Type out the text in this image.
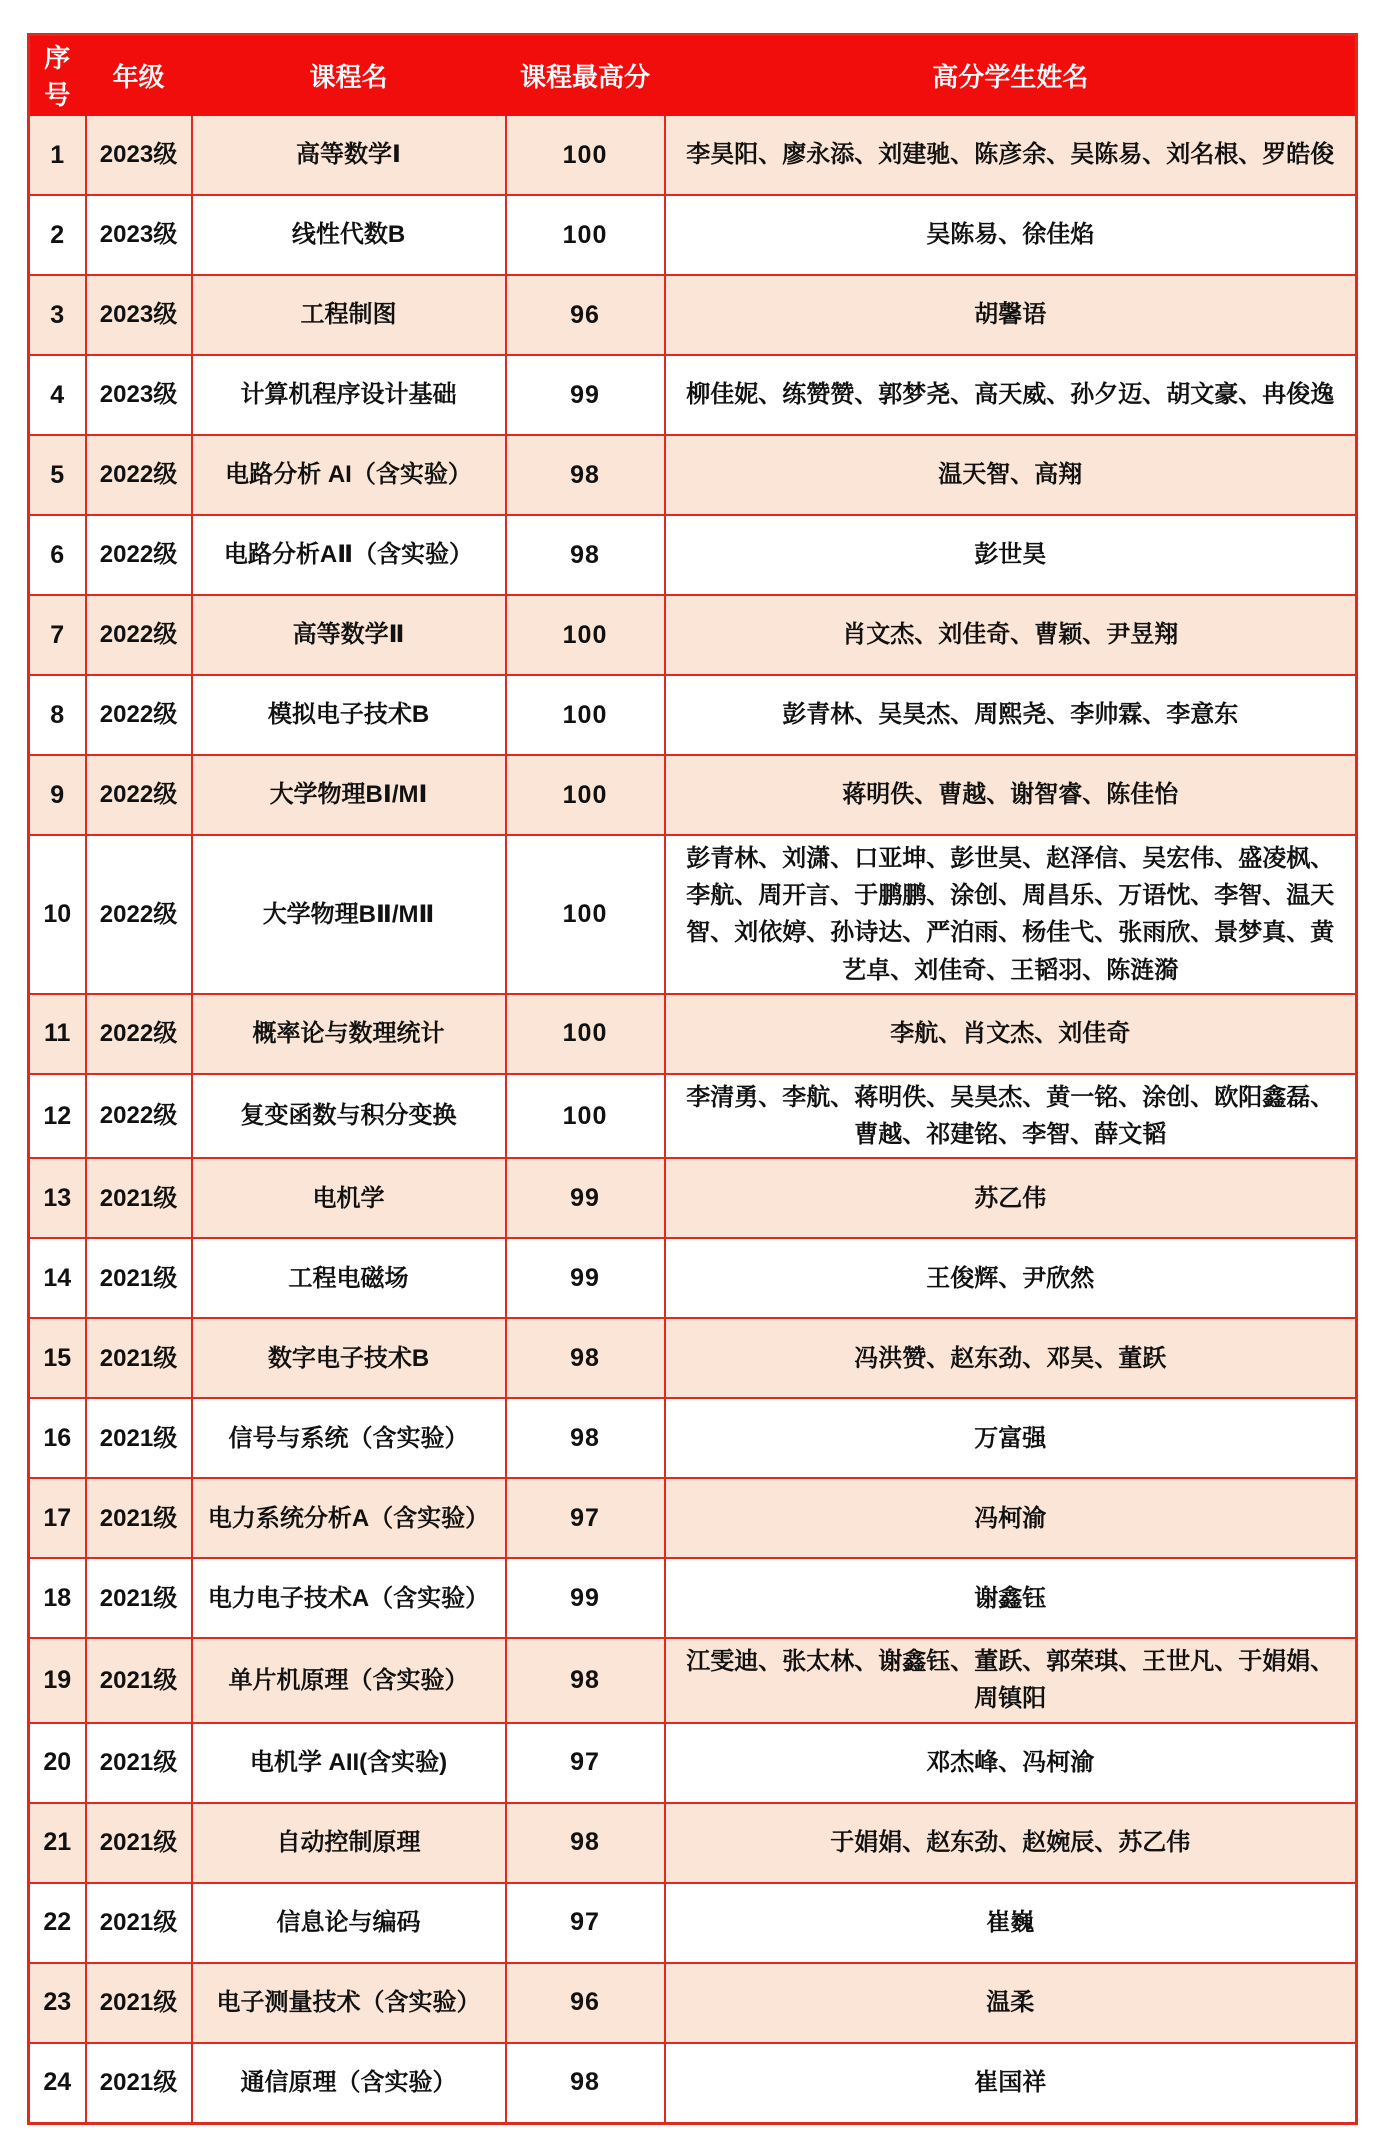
序号	年级	课程名	课程最高分	高分学生姓名
1	2023级	高等数学Ⅰ	100	李昊阳、廖永添、刘建驰、陈彦余、吴陈易、刘名根、罗皓俊
2	2023级	线性代数B	100	吴陈易、徐佳焰
3	2023级	工程制图	96	胡馨语
4	2023级	计算机程序设计基础	99	柳佳妮、练赞赞、郭梦尧、高天威、孙夕迈、胡文豪、冉俊逸
5	2022级	电路分析 AI（含实验）	98	温天智、高翔
6	2022级	电路分析AⅡ（含实验）	98	彭世昊
7	2022级	高等数学Ⅱ	100	肖文杰、刘佳奇、曹颖、尹昱翔
8	2022级	模拟电子技术B	100	彭青林、吴昊杰、周熙尧、李帅霖、李意东
9	2022级	大学物理BⅠ/MⅠ	100	蒋明佚、曹越、谢智睿、陈佳怡
10	2022级	大学物理BⅡ/MⅡ	100	彭青林、刘潇、口亚坤、彭世昊、赵泽信、吴宏伟、盛凌枫、李航、周开言、于鹏鹏、涂创、周昌乐、万语忱、李智、温天智、刘依婷、孙诗达、严泊雨、杨佳弋、张雨欣、景梦真、黄艺卓、刘佳奇、王韬羽、陈涟漪
11	2022级	概率论与数理统计	100	李航、肖文杰、刘佳奇
12	2022级	复变函数与积分变换	100	李清勇、李航、蒋明佚、吴昊杰、黄一铭、涂创、欧阳鑫磊、曹越、祁建铭、李智、薛文韬
13	2021级	电机学	99	苏乙伟
14	2021级	工程电磁场	99	王俊辉、尹欣然
15	2021级	数字电子技术B	98	冯洪赞、赵东劲、邓昊、董跃
16	2021级	信号与系统（含实验）	98	万富强
17	2021级	电力系统分析A（含实验）	97	冯柯渝
18	2021级	电力电子技术A（含实验）	99	谢鑫钰
19	2021级	单片机原理（含实验）	98	江雯迪、张太林、谢鑫钰、董跃、郭荣琪、王世凡、于娟娟、周镇阳
20	2021级	电机学 AII(含实验)	97	邓杰峰、冯柯渝
21	2021级	自动控制原理	98	于娟娟、赵东劲、赵婉辰、苏乙伟
22	2021级	信息论与编码	97	崔巍
23	2021级	电子测量技术（含实验）	96	温柔
24	2021级	通信原理（含实验）	98	崔国祥
